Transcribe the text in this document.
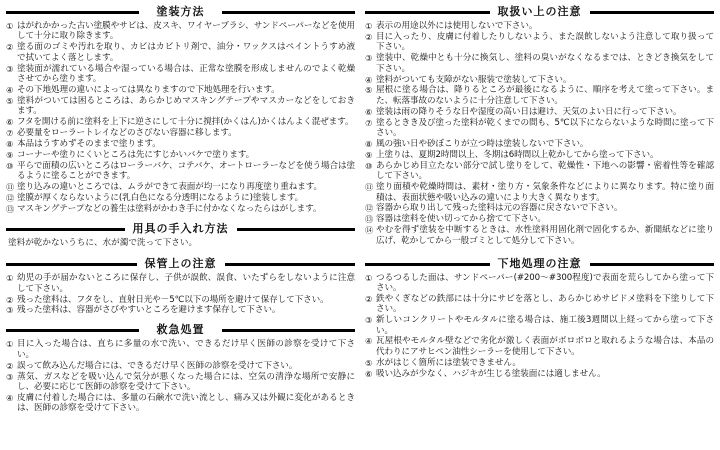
塗装方法
① はがれかかった古い塗膜やサビは、皮スキ、ワイヤーブラシ、サンドペーパーなどを使用して十分に取り除きます。
② 塗る面のゴミや汚れを取り、カビはカビトリ剤で、油分・ワックスはペイントうすめ液で拭いてよく落とします。
③ 塗装面が濡れている場合や湿っている場合は、正常な塗膜を形成しませんのでよく乾燥させてから塗ります。
④ その下地処理の違いによっては異なりますので下地処理を行います。
⑤ 塗料がついては困るところは、あらかじめマスキングテープやマスカーなどをしておきます。
⑥ フタを開ける前に塗料を上下に逆さにして十分に撹拌(かくはん)かくはんよく混ぜます。
⑦ 必要量をローラートレイなどのさびない容器に移します。
⑧ 本品はうすめずそのままで塗ります。
⑨ コーナーや塗りにくいところは先にすじかいバケで塗ります。
⑩ 平らで面積の広いところはローラーバケ、コテバケ、オートローラーなどを使う場合は塗るように塗ることができます。
⑪ 塗り込みの違いところでは、ムラができて表面が均一になり再度塗り重ねます。
⑫ 塗膜が厚くならないように(乳白色になる分透明になるように)塗装します。
⑬ マスキングテープなどの養生は塗料がかわき手に付かなくなったらはがします。
用具の手入れ方法

塗料が乾かないうちに、水が濁で洗って下さい。

保管上の注意
① 幼児の手が届かないところに保存し、子供が誤飲、誤食、いたずらをしないように注意して下さい。
② 残った塗料は、フタをし、直射日光や－5℃以下の場所を避けて保存して下さい。
③ 残った塗料は、容器がさびやすいところを避けます保存して下さい。
救急処置
① 目に入った場合は、直ちに多量の水で洗い、できるだけ早く医師の診察を受けて下さい。
② 誤って飲み込んだ場合には、できるだけ早く医師の診察を受けて下さい。
③ 蒸気、ガスなどを吸い込んで気分が悪くなった場合には、空気の清浄な場所で安静にし、必要に応じて医師の診察を受けて下さい。
④ 皮膚に付着した場合には、多量の石鹸水で洗い流とし、痛み又は外観に変化があるときは、医師の診察を受けて下さい。
取扱い上の注意
① 表示の用途以外には使用しないで下さい。
② 目に入ったり、皮膚に付着したりしないよう、また誤飲しないよう注意して取り扱って下さい。
③ 塗装中、乾燥中とも十分に換気し、塗料の臭いがなくなるまでは、ときどき換気をして下さい。
④ 塗料がついても支障がない服装で塗装して下さい。
⑤ 屋根に塗る場合は、降りるところが最後になるように、順序を考えて塗って下さい。また、転落事故のないように十分注意して下さい。
⑥ 塗装は雨の降りそうな日や湿度の高い日は避け、天気のよい日に行って下さい。
⑦ 塗るときき及び塗った塗料が乾くまでの間も、5℃以下にならないような時間に塗って下さい。
⑧ 風の強い日や砂ぼこりが立つ時は塗装しないで下さい。
⑨ 上塗りは、夏期2時間以上、冬期は6時間以上乾かしてから塗って下さい。
⑩ あらかじめ目立たない部分で試し塗りをして、乾燥性・下地への影響・密着性等を確認して下さい。
⑪ 塗り面積や乾燥時間は、素材・塗り方・気象条件などによりに異なります。特に塗り面積は、表面状態や吸い込みの違いにより大きく異なります。
⑫ 容器から取り出して残った塗料は元の容器に戻さないで下さい。
⑬ 容器は塗料を使い切ってから捨てて下さい。
⑭ やむを得ず塗装を中断するときは、水性塗料用固化剤で固化するか、新聞紙などに塗り広げ、乾かしてから一般ゴミとして処分して下さい。
下地処理の注意
① つるつるした面は、サンドペーパー(#200～#300程度)で表面を荒らしてから塗って下さい。
② 鉄やくぎなどの鉄部には十分にサビを落とし、あらかじめサビドメ塗料を下塗りして下さい。
③ 新しいコンクリートやモルタルに塗る場合は、施工後3週間以上経ってから塗って下さい。
④ 瓦屋根やモルタル壁などで劣化が激しく表面がボロボロと取れるような場合は、本品の代わりにアサヒペン油性シーラーを使用して下さい。
⑤ 水がはじく箇所には塗装できません。
⑥ 吸い込みが少なく、ハジキが生じる塗装面には適しません。
